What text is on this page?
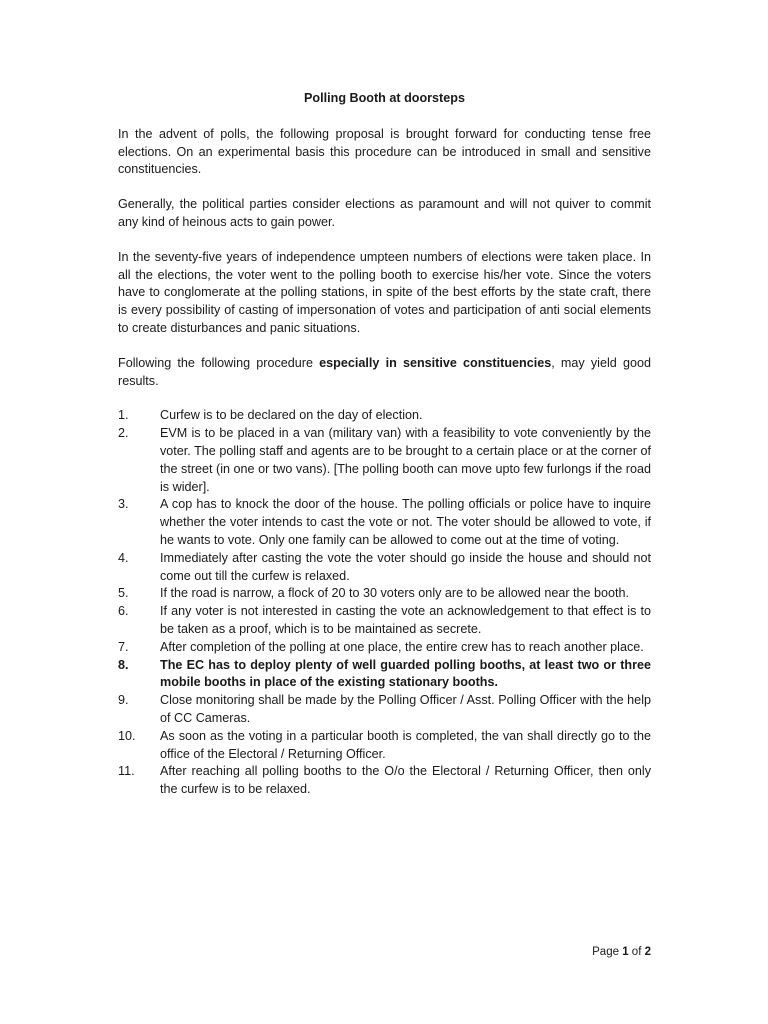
Polling Booth at doorsteps

In the advent of polls, the following proposal is brought forward for conducting tense free elections. On an experimental basis this procedure can be introduced in small and sensitive constituencies.

Generally, the political parties consider elections as paramount and will not quiver to commit any kind of heinous acts to gain power.

In the seventy-five years of independence umpteen numbers of elections were taken place. In all the elections, the voter went to the polling booth to exercise his/her vote. Since the voters have to conglomerate at the polling stations, in spite of the best efforts by the state craft, there is every possibility of casting of impersonation of votes and participation of anti social elements to create disturbances and panic situations.

Following the following procedure especially in sensitive constituencies, may yield good results.

1. Curfew is to be declared on the day of election.
2. EVM is to be placed in a van (military van) with a feasibility to vote conveniently by the voter. The polling staff and agents are to be brought to a certain place or at the corner of the street (in one or two vans). [The polling booth can move upto few furlongs if the road is wider].
3. A cop has to knock the door of the house. The polling officials or police have to inquire whether the voter intends to cast the vote or not. The voter should be allowed to vote, if he wants to vote. Only one family can be allowed to come out at the time of voting.
4. Immediately after casting the vote the voter should go inside the house and should not come out till the curfew is relaxed.
5. If the road is narrow, a flock of 20 to 30 voters only are to be allowed near the booth.
6. If any voter is not interested in casting the vote an acknowledgement to that effect is to be taken as a proof, which is to be maintained as secrete.
7. After completion of the polling at one place, the entire crew has to reach another place.
8. The EC has to deploy plenty of well guarded polling booths, at least two or three mobile booths in place of the existing stationary booths.
9. Close monitoring shall be made by the Polling Officer / Asst. Polling Officer with the help of CC Cameras.
10. As soon as the voting in a particular booth is completed, the van shall directly go to the office of the Electoral / Returning Officer.
11. After reaching all polling booths to the O/o the Electoral / Returning Officer, then only the curfew is to be relaxed.
Page 1 of 2
